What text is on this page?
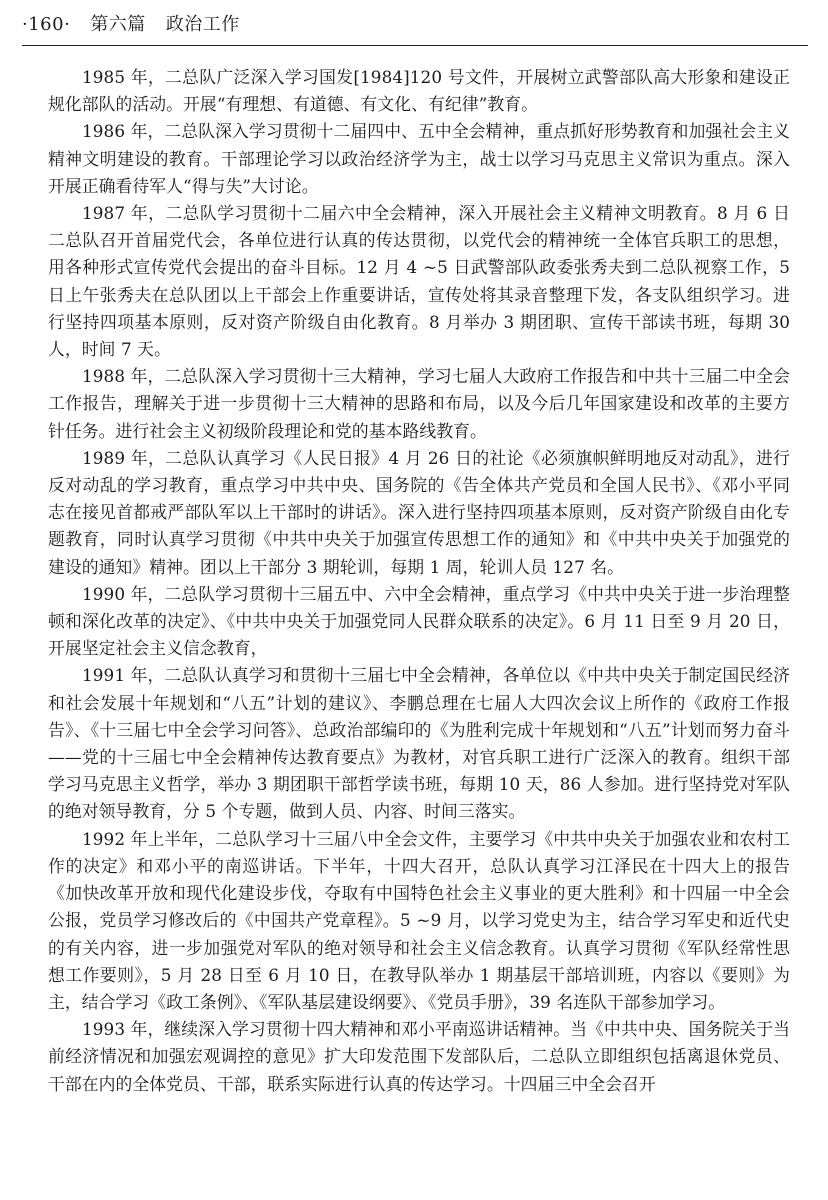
·160· 第六篇 政治工作

1985 年，二总队广泛深入学习国发[1984]120 号文件，开展树立武警部队高大形象和建设正规化部队的活动。开展“有理想、有道德、有文化、有纪律”教育。

1986 年，二总队深入学习贯彻十二届四中、五中全会精神，重点抓好形势教育和加强社会主义精神文明建设的教育。干部理论学习以政治经济学为主，战士以学习马克思主义常识为重点。深入开展正确看待军人“得与失”大讨论。

1987 年，二总队学习贯彻十二届六中全会精神，深入开展社会主义精神文明教育。8 月 6 日二总队召开首届党代会，各单位进行认真的传达贯彻，以党代会的精神统一全体官兵职工的思想，用各种形式宣传党代会提出的奋斗目标。12 月 4 ~5 日武警部队政委张秀夫到二总队视察工作，5 日上午张秀夫在总队团以上干部会上作重要讲话，宣传处将其录音整理下发，各支队组织学习。进行坚持四项基本原则，反对资产阶级自由化教育。8 月举办 3 期团职、宣传干部读书班，每期 30 人，时间 7 天。

1988 年，二总队深入学习贯彻十三大精神，学习七届人大政府工作报告和中共十三届二中全会工作报告，理解关于进一步贯彻十三大精神的思路和布局，以及今后几年国家建设和改革的主要方针任务。进行社会主义初级阶段理论和党的基本路线教育。

1989 年，二总队认真学习《人民日报》4 月 26 日的社论《必须旗帜鲜明地反对动乱》，进行反对动乱的学习教育，重点学习中共中央、国务院的《告全体共产党员和全国人民书》、《邓小平同志在接见首都戒严部队军以上干部时的讲话》。深入进行坚持四项基本原则，反对资产阶级自由化专题教育，同时认真学习贯彻《中共中央关于加强宣传思想工作的通知》和《中共中央关于加强党的建设的通知》精神。团以上干部分 3 期轮训，每期 1 周，轮训人员 127 名。

1990 年，二总队学习贯彻十三届五中、六中全会精神，重点学习《中共中央关于进一步治理整顿和深化改革的决定》、《中共中央关于加强党同人民群众联系的决定》。6 月 11 日至 9 月 20 日，开展坚定社会主义信念教育，

1991 年，二总队认真学习和贯彻十三届七中全会精神，各单位以《中共中央关于制定国民经济和社会发展十年规划和“八五”计划的建议》、李鹏总理在七届人大四次会议上所作的《政府工作报告》、《十三届七中全会学习问答》、总政治部编印的《为胜利完成十年规划和“八五”计划而努力奋斗——党的十三届七中全会精神传达教育要点》为教材，对官兵职工进行广泛深入的教育。组织干部学习马克思主义哲学，举办 3 期团职干部哲学读书班，每期 10 天，86 人参加。进行坚持党对军队的绝对领导教育，分 5 个专题，做到人员、内容、时间三落实。

1992 年上半年，二总队学习十三届八中全会文件，主要学习《中共中央关于加强农业和农村工作的决定》和邓小平的南巡讲话。下半年，十四大召开，总队认真学习江泽民在十四大上的报告《加快改革开放和现代化建设步伐，夺取有中国特色社会主义事业的更大胜利》和十四届一中全会公报，党员学习修改后的《中国共产党章程》。5 ~9 月，以学习党史为主，结合学习军史和近代史的有关内容，进一步加强党对军队的绝对领导和社会主义信念教育。认真学习贯彻《军队经常性思想工作要则》，5 月 28 日至 6 月 10 日，在教导队举办 1 期基层干部培训班，内容以《要则》为主，结合学习《政工条例》、《军队基层建设纲要》、《党员手册》，39 名连队干部参加学习。

1993 年，继续深入学习贯彻十四大精神和邓小平南巡讲话精神。当《中共中央、国务院关于当前经济情况和加强宏观调控的意见》扩大印发范围下发部队后，二总队立即组织包括离退休党员、干部在内的全体党员、干部，联系实际进行认真的传达学习。十四届三中全会召开
